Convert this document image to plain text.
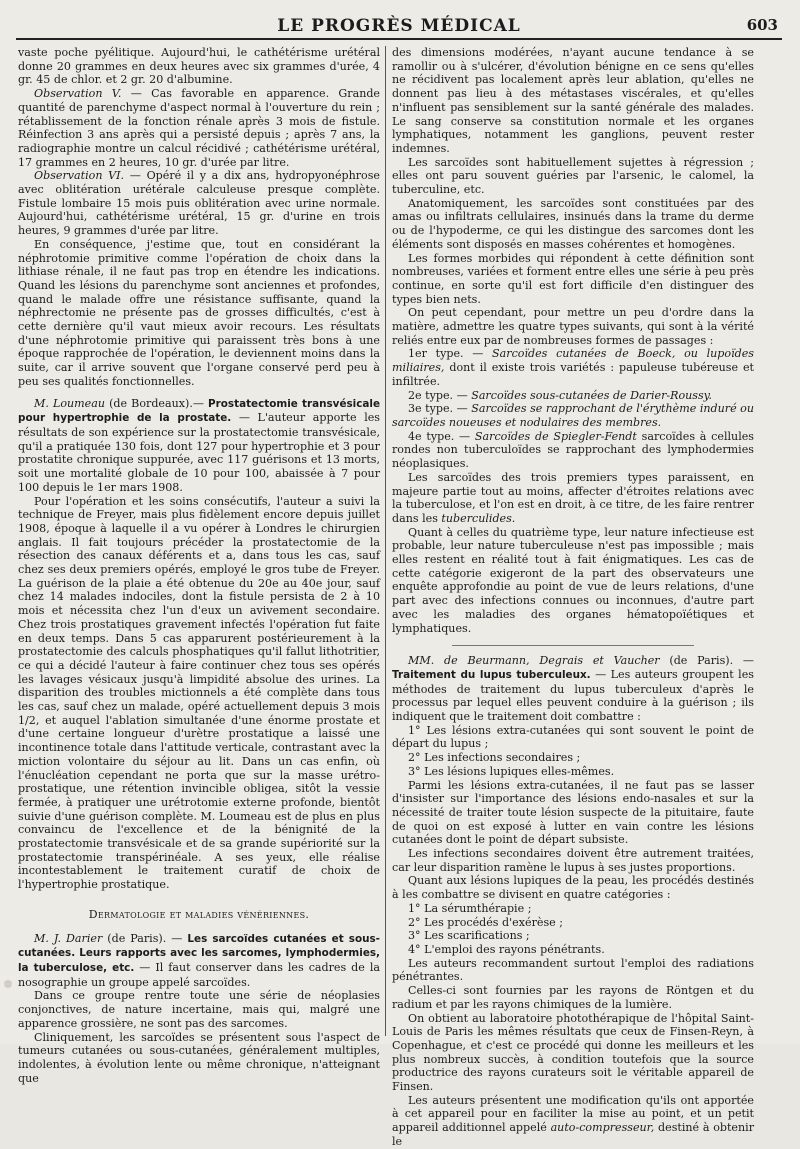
LE PROGRÈS MÉDICAL	603

vaste poche pyélitique. Aujourd'hui, le cathétérisme urétéral donne 20 grammes en deux heures avec six grammes d'urée, 4 gr. 45 de chlor. et 2 gr. 20 d'albumine.

Observation V. — Cas favorable en apparence. Grande quantité de parenchyme d'aspect normal à l'ouverture du rein ; rétablissement de la fonction rénale après 3 mois de fistule. Réinfection 3 ans après qui a persisté depuis ; après 7 ans, la radiographie montre un calcul récidivé ; cathétérisme urétéral, 17 grammes en 2 heures, 10 gr. d'urée par litre.

Observation VI. — Opéré il y a dix ans, hydropyonéphrose avec oblitération urétérale calculeuse presque complète. Fistule lombaire 15 mois puis oblitération avec urine normale. Aujourd'hui, cathétérisme urétéral, 15 gr. d'urine en trois heures, 9 grammes d'urée par litre.

En conséquence, j'estime que, tout en considérant la néphrotomie primitive comme l'opération de choix dans la lithiase rénale, il ne faut pas trop en étendre les indications. Quand les lésions du parenchyme sont anciennes et profondes, quand le malade offre une résistance suffisante, quand la néphrectomie ne présente pas de grosses difficultés, c'est à cette dernière qu'il vaut mieux avoir recours. Les résultats d'une néphrotomie primitive qui paraissent très bons à une époque rapprochée de l'opération, le deviennent moins dans la suite, car il arrive souvent que l'organe conservé perd peu à peu ses qualités fonctionnelles.

M. Loumeau (de Bordeaux).— Prostatectomie transvésicale pour hypertrophie de la prostate. — L'auteur apporte les résultats de son expérience sur la prostatectomie transvésicale, qu'il a pratiquée 130 fois, dont 127 pour hypertrophie et 3 pour prostatite chronique suppurée, avec 117 guérisons et 13 morts, soit une mortalité globale de 10 pour 100, abaissée à 7 pour 100 depuis le 1er mars 1908.

Pour l'opération et les soins consécutifs, l'auteur a suivi la technique de Freyer, mais plus fidèlement encore depuis juillet 1908, époque à laquelle il a vu opérer à Londres le chirurgien anglais. Il fait toujours précéder la prostatectomie de la résection des canaux déférents et a, dans tous les cas, sauf chez ses deux premiers opérés, employé le gros tube de Freyer. La guérison de la plaie a été obtenue du 20e au 40e jour, sauf chez 14 malades indociles, dont la fistule persista de 2 à 10 mois et nécessita chez l'un d'eux un avivement secondaire. Chez trois prostatiques gravement infectés l'opération fut faite en deux temps. Dans 5 cas apparurent postérieurement à la prostatectomie des calculs phosphatiques qu'il fallut lithotritier, ce qui a décidé l'auteur à faire continuer chez tous ses opérés les lavages vésicaux jusqu'à limpidité absolue des urines. La disparition des troubles mictionnels a été complète dans tous les cas, sauf chez un malade, opéré actuellement depuis 3 mois 1/2, et auquel l'ablation simultanée d'une énorme prostate et d'une certaine longueur d'urètre prostatique a laissé une incontinence totale dans l'attitude verticale, contrastant avec la miction volontaire du séjour au lit. Dans un cas enfin, où l'énucléation cependant ne porta que sur la masse urétro-prostatique, une rétention invincible obligea, sitôt la vessie fermée, à pratiquer une urétrotomie externe profonde, bientôt suivie d'une guérison complète. M. Loumeau est de plus en plus convaincu de l'excellence et de la bénignité de la prostatectomie transvésicale et de sa grande supériorité sur la prostatectomie transpérinéale. A ses yeux, elle réalise incontestablement le traitement curatif de choix de l'hypertrophie prostatique.

Dermatologie et maladies vénériennes.

M. J. Darier (de Paris). — Les sarcoïdes cutanées et sous-cutanées. Leurs rapports avec les sarcomes, lymphodermies, la tuberculose, etc. — Il faut conserver dans les cadres de la nosographie un groupe appelé sarcoïdes.

Dans ce groupe rentre toute une série de néoplasies conjonctives, de nature incertaine, mais qui, malgré une apparence grossière, ne sont pas des sarcomes.

Cliniquement, les sarcoïdes se présentent sous l'aspect de tumeurs cutanées ou sous-cutanées, généralement multiples, indolentes, à évolution lente ou même chronique, n'atteignant que

des dimensions modérées, n'ayant aucune tendance à se ramollir ou à s'ulcérer, d'évolution bénigne en ce sens qu'elles ne récidivent pas localement après leur ablation, qu'elles ne donnent pas lieu à des métastases viscérales, et qu'elles n'influent pas sensiblement sur la santé générale des malades. Le sang conserve sa constitution normale et les organes lymphatiques, notamment les ganglions, peuvent rester indemnes.

Les sarcoïdes sont habituellement sujettes à régression ; elles ont paru souvent guéries par l'arsenic, le calomel, la tuberculine, etc.

Anatomiquement, les sarcoïdes sont constituées par des amas ou infiltrats cellulaires, insinués dans la trame du derme ou de l'hypoderme, ce qui les distingue des sarcomes dont les éléments sont disposés en masses cohérentes et homogènes.

Les formes morbides qui répondent à cette définition sont nombreuses, variées et forment entre elles une série à peu près continue, en sorte qu'il est fort difficile d'en distinguer des types bien nets.

On peut cependant, pour mettre un peu d'ordre dans la matière, admettre les quatre types suivants, qui sont à la vérité reliés entre eux par de nombreuses formes de passages :

1er type. — Sarcoïdes cutanées de Boeck, ou lupoïdes miliaires, dont il existe trois variétés : papuleuse tubéreuse et infiltrée.

2e type. — Sarcoïdes sous-cutanées de Darier-Roussy.

3e type. — Sarcoïdes se rapprochant de l'érythème induré ou sarcoïdes noueuses et nodulaires des membres.

4e type. — Sarcoïdes de Spiegler-Fendt sarcoïdes à cellules rondes non tuberculoïdes se rapprochant des lymphodermies néoplasiques.

Les sarcoïdes des trois premiers types paraissent, en majeure partie tout au moins, affecter d'étroites relations avec la tuberculose, et l'on est en droit, à ce titre, de les faire rentrer dans les tuberculides.

Quant à celles du quatrième type, leur nature infectieuse est probable, leur nature tuberculeuse n'est pas impossible ; mais elles restent en réalité tout à fait énigmatiques. Les cas de cette catégorie exigeront de la part des observateurs une enquête approfondie au point de vue de leurs relations, d'une part avec des infections connues ou inconnues, d'autre part avec les maladies des organes hématopoïétiques et lymphatiques.

MM. de Beurmann, Degrais et Vaucher (de Paris). — Traitement du lupus tuberculeux. — Les auteurs groupent les méthodes de traitement du lupus tuberculeux d'après le processus par lequel elles peuvent conduire à la guérison ; ils indiquent que le traitement doit combattre :

1° Les lésions extra-cutanées qui sont souvent le point de départ du lupus ;

2° Les infections secondaires ;

3° Les lésions lupiques elles-mêmes.

Parmi les lésions extra-cutanées, il ne faut pas se lasser d'insister sur l'importance des lésions endo-nasales et sur la nécessité de traiter toute lésion suspecte de la pituitaire, faute de quoi on est exposé à lutter en vain contre les lésions cutanées dont le point de départ subsiste.

Les infections secondaires doivent être autrement traitées, car leur disparition ramène le lupus à ses justes proportions.

Quant aux lésions lupiques de la peau, les procédés destinés à les combattre se divisent en quatre catégories :

1° La sérumthérapie ;

2° Les procédés d'exérèse ;

3° Les scarifications ;

4° L'emploi des rayons pénétrants.

Les auteurs recommandent surtout l'emploi des radiations pénétrantes.

Celles-ci sont fournies par les rayons de Röntgen et du radium et par les rayons chimiques de la lumière.

On obtient au laboratoire photothérapique de l'hôpital Saint-Louis de Paris les mêmes résultats que ceux de Finsen-Reyn, à Copenhague, et c'est ce procédé qui donne les meilleurs et les plus nombreux succès, à condition toutefois que la source productrice des rayons curateurs soit le véritable appareil de Finsen.

Les auteurs présentent une modification qu'ils ont apportée à cet appareil pour en faciliter la mise au point, et un petit appareil additionnel appelé auto-compresseur, destiné à obtenir le
